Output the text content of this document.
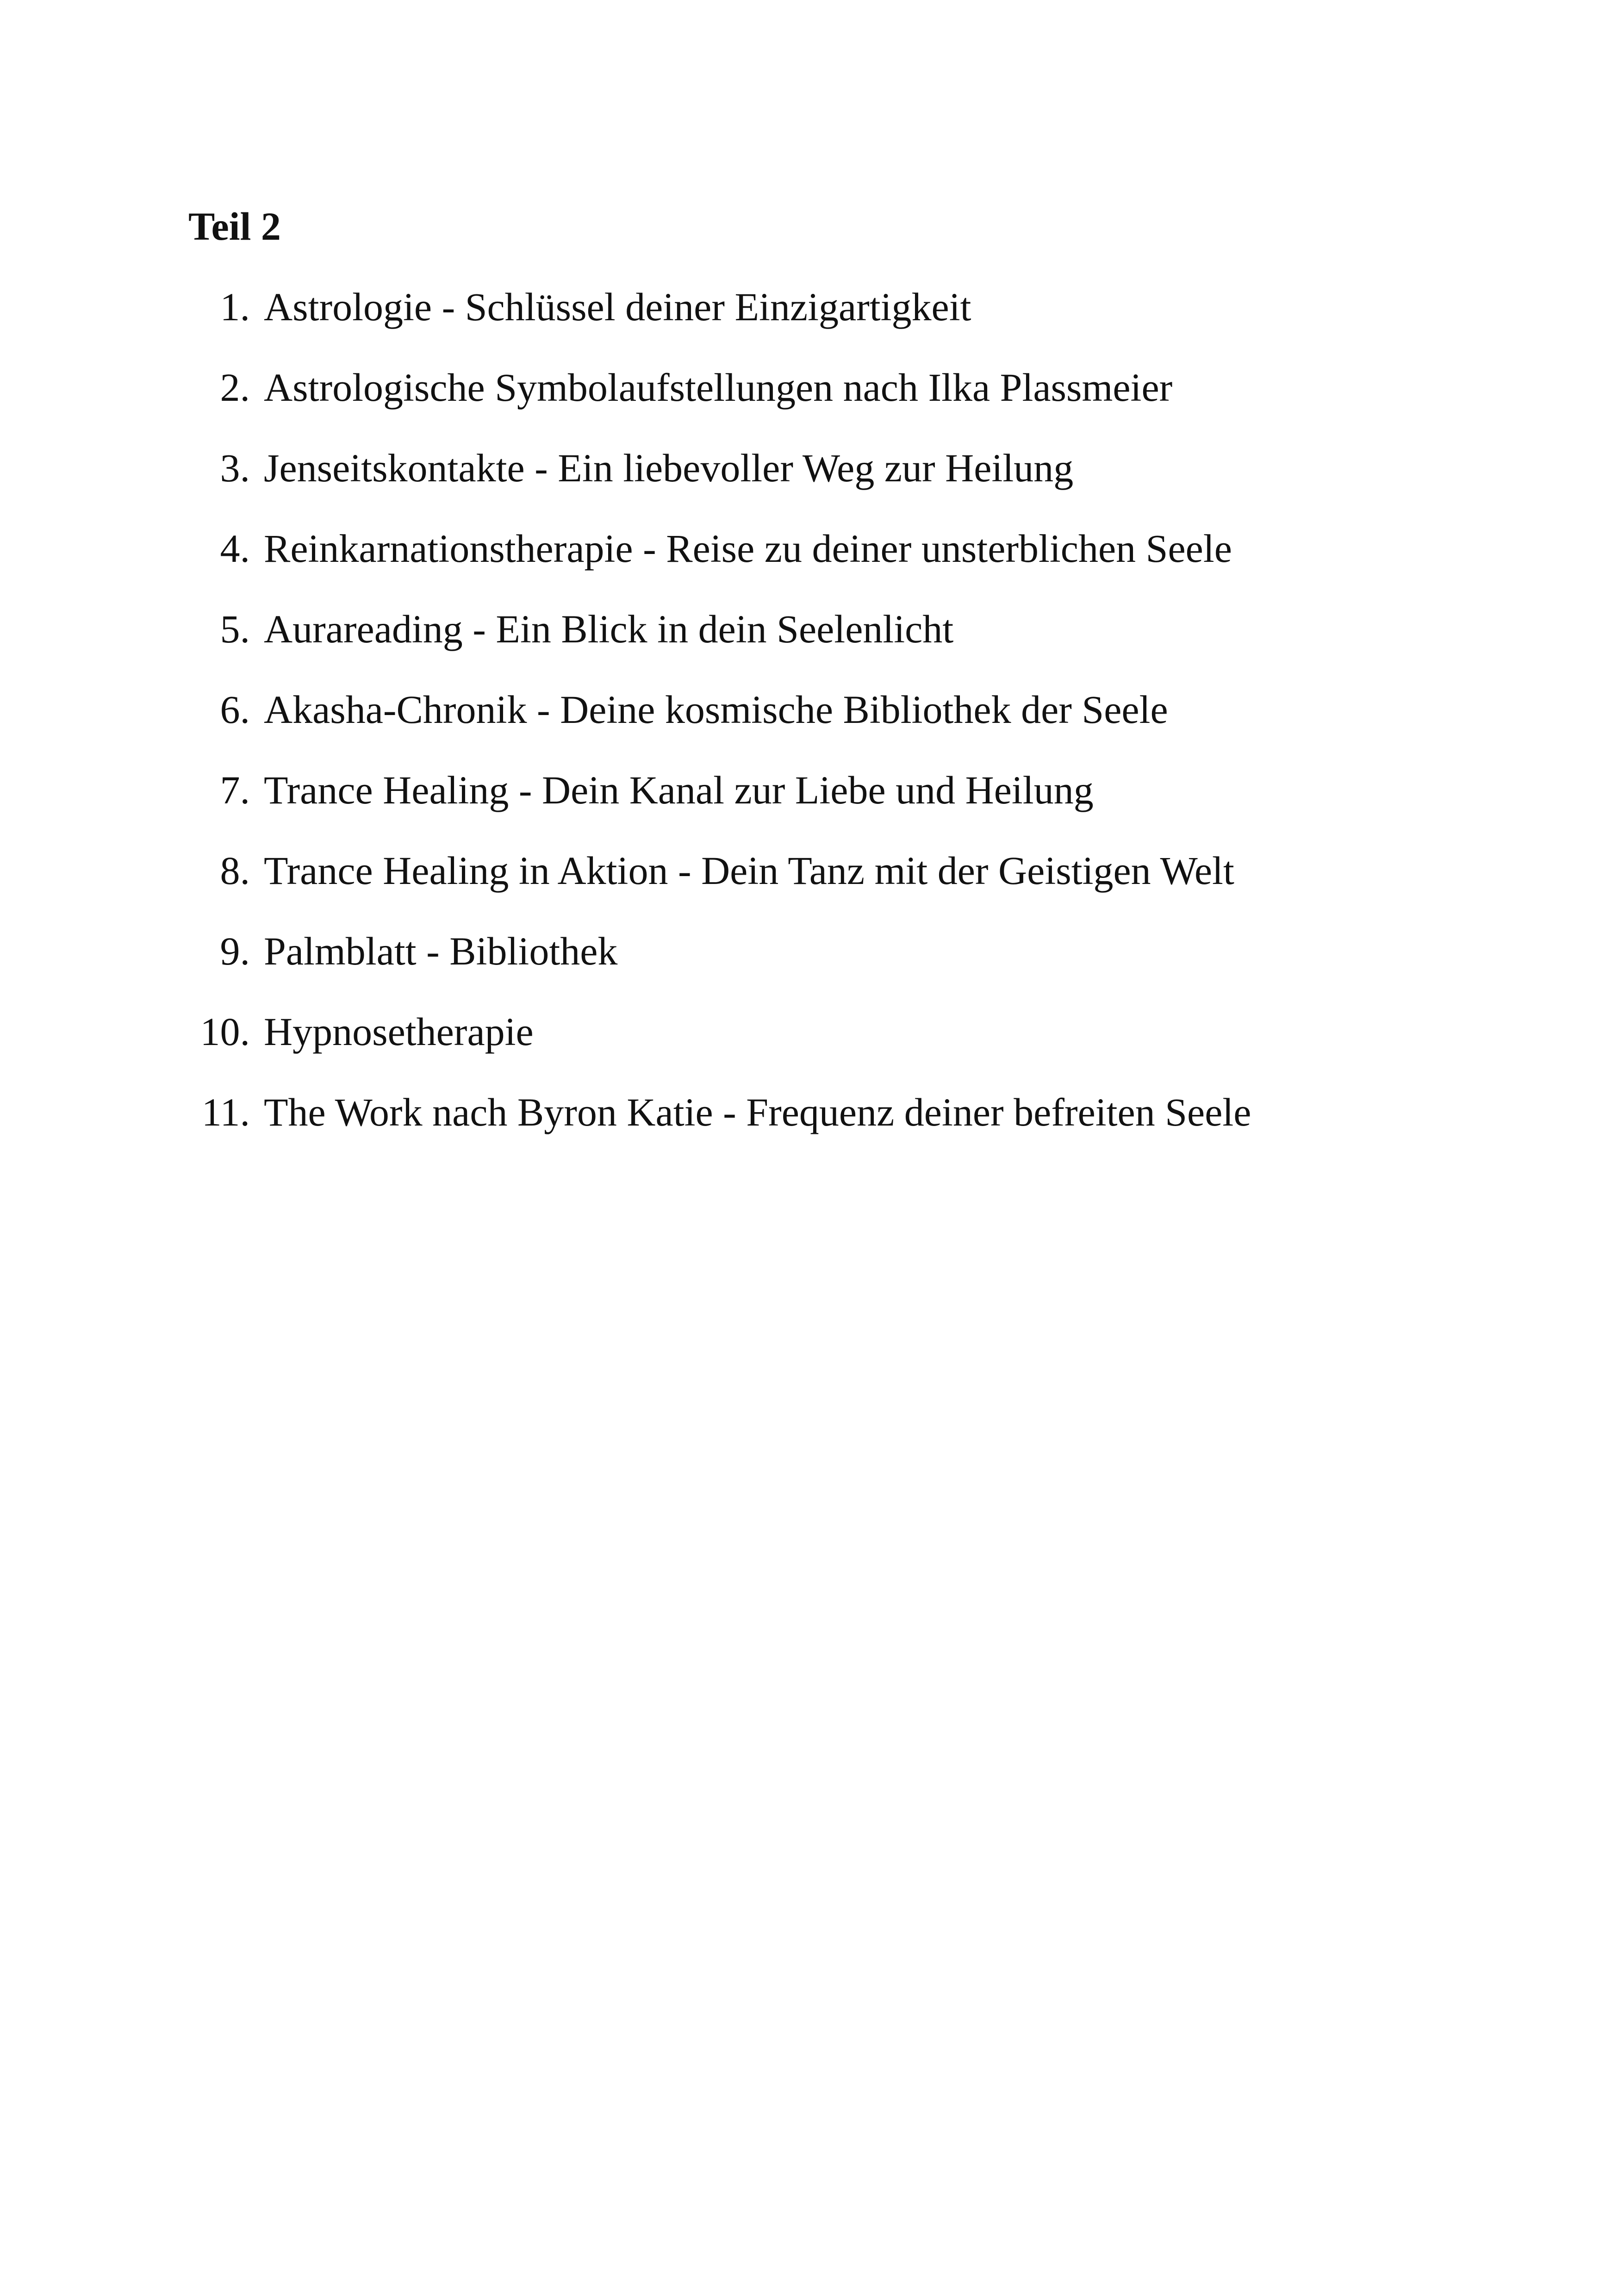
Teil 2
1. Astrologie - Schlüssel deiner Einzigartigkeit
2. Astrologische Symbolaufstellungen nach Ilka Plassmeier
3. Jenseitskontakte - Ein liebevoller Weg zur Heilung
4. Reinkarnationstherapie - Reise zu deiner unsterblichen Seele
5. Aurareading - Ein Blick in dein Seelenlicht
6. Akasha-Chronik - Deine kosmische Bibliothek der Seele
7. Trance Healing - Dein Kanal zur Liebe und Heilung
8. Trance Healing in Aktion - Dein Tanz mit der Geistigen Welt
9. Palmblatt - Bibliothek
10. Hypnosetherapie
11. The Work nach Byron Katie - Frequenz deiner befreiten Seele
